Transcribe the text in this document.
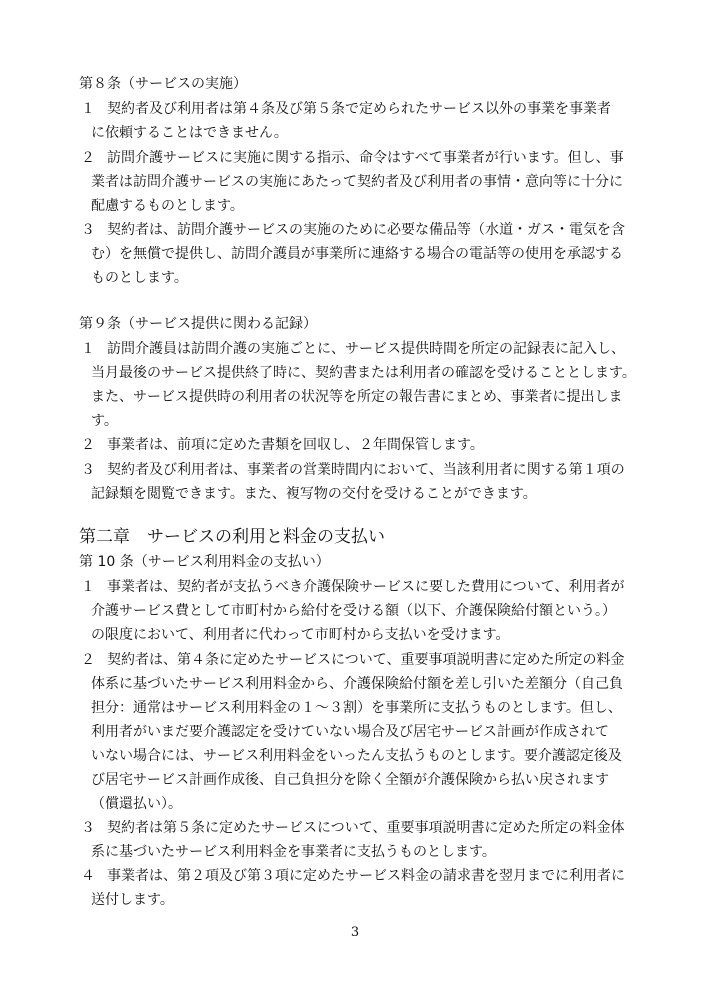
第８条（サービスの実施）
１ 契約者及び利用者は第４条及び第５条で定められたサービス以外の事業を事業者
に依頼することはできません。
２ 訪問介護サービスに実施に関する指示、命令はすべて事業者が行います。但し、事
業者は訪問介護サービスの実施にあたって契約者及び利用者の事情・意向等に十分に
配慮するものとします。
３ 契約者は、訪問介護サービスの実施のために必要な備品等（水道・ガス・電気を含
む）を無償で提供し、訪問介護員が事業所に連絡する場合の電話等の使用を承認する
ものとします。
第９条（サービス提供に関わる記録）
１ 訪問介護員は訪問介護の実施ごとに、サービス提供時間を所定の記録表に記入し、
当月最後のサービス提供終了時に、契約書または利用者の確認を受けることとします。
また、サービス提供時の利用者の状況等を所定の報告書にまとめ、事業者に提出しま
す。
２ 事業者は、前項に定めた書類を回収し、２年間保管します。
３ 契約者及び利用者は、事業者の営業時間内において、当該利用者に関する第１項の
記録類を閲覧できます。また、複写物の交付を受けることができます。
第二章　サービスの利用と料金の支払い
第 10 条（サービス利用料金の支払い）
１ 事業者は、契約者が支払うべき介護保険サービスに要した費用について、利用者が
介護サービス費として市町村から給付を受ける額（以下、介護保険給付額という。）
の限度において、利用者に代わって市町村から支払いを受けます。
２ 契約者は、第４条に定めたサービスについて、重要事項説明書に定めた所定の料金
体系に基づいたサービス利用料金から、介護保険給付額を差し引いた差額分（自己負
担分：通常はサービス利用料金の１～３割）を事業所に支払うものとします。但し、
利用者がいまだ要介護認定を受けていない場合及び居宅サービス計画が作成されて
いない場合には、サービス利用料金をいったん支払うものとします。要介護認定後及
び居宅サービス計画作成後、自己負担分を除く全額が介護保険から払い戻されます
（償還払い）。
３ 契約者は第５条に定めたサービスについて、重要事項説明書に定めた所定の料金体
系に基づいたサービス利用料金を事業者に支払うものとします。
４ 事業者は、第２項及び第３項に定めたサービス料金の請求書を翌月までに利用者に
送付します。
3
